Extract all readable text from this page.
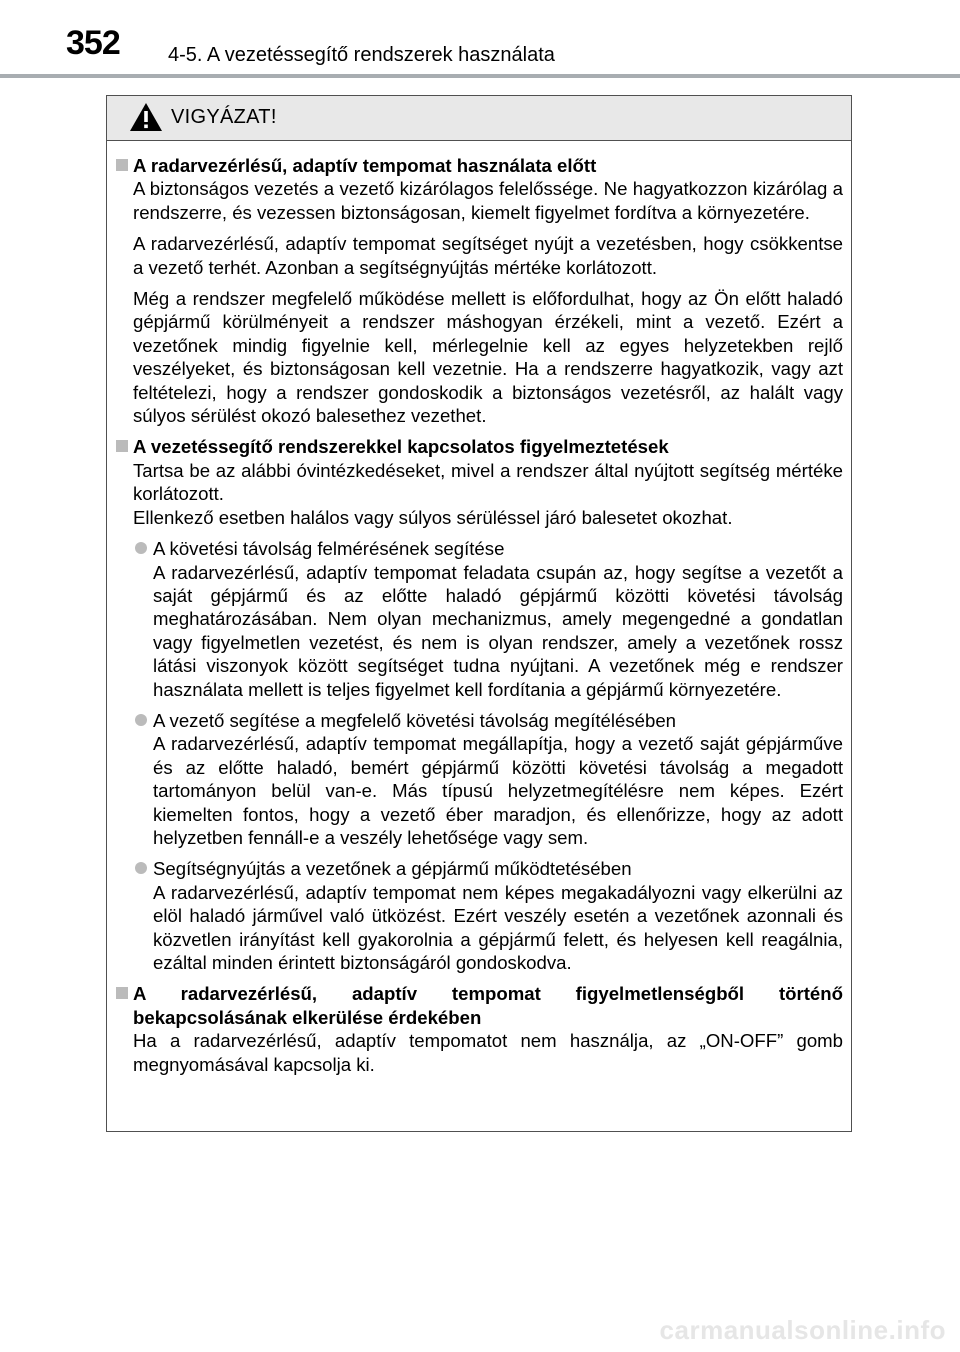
352 4-5. A vezetéssegítő rendszerek használata
VIGYÁZAT!
A radarvezérlésű, adaptív tempomat használata előtt

A biztonságos vezetés a vezető kizárólagos felelőssége. Ne hagyatkozzon kizárólag a rendszerre, és vezessen biztonságosan, kiemelt figyelmet fordítva a környezetére.

A radarvezérlésű, adaptív tempomat segítséget nyújt a vezetésben, hogy csökkentse a vezető terhét. Azonban a segítségnyújtás mértéke korlátozott.

Még a rendszer megfelelő működése mellett is előfordulhat, hogy az Ön előtt haladó gépjármű körülményeit a rendszer máshogyan érzékeli, mint a vezető. Ezért a vezetőnek mindig figyelnie kell, mérlegelnie kell az egyes helyzetekben rejlő veszélyeket, és biztonságosan kell vezetnie. Ha a rendszerre hagyatkozik, vagy azt feltételezi, hogy a rendszer gondoskodik a biztonságos vezetésről, az halált vagy súlyos sérülést okozó balesethez vezethet.

A vezetéssegítő rendszerekkel kapcsolatos figyelmeztetések

Tartsa be az alábbi óvintézkedéseket, mivel a rendszer által nyújtott segítség mértéke korlátozott.

Ellenkező esetben halálos vagy súlyos sérüléssel járó balesetet okozhat.

A követési távolság felmérésének segítése
A radarvezérlésű, adaptív tempomat feladata csupán az, hogy segítse a vezetőt a saját gépjármű és az előtte haladó gépjármű közötti követési távolság meghatározásában. Nem olyan mechanizmus, amely megengedné a gondatlan vagy figyelmetlen vezetést, és nem is olyan rendszer, amely a vezetőnek rossz látási viszonyok között segítséget tudna nyújtani. A vezetőnek még e rendszer használata mellett is teljes figyelmet kell fordítania a gépjármű környezetére.
A vezető segítése a megfelelő követési távolság megítélésében
A radarvezérlésű, adaptív tempomat megállapítja, hogy a vezető saját gépjárműve és az előtte haladó, bemért gépjármű közötti követési távolság a megadott tartományon belül van-e. Más típusú helyzetmegítélésre nem képes. Ezért kiemelten fontos, hogy a vezető éber maradjon, és ellenőrizze, hogy az adott helyzetben fennáll-e a veszély lehetősége vagy sem.
Segítségnyújtás a vezetőnek a gépjármű működtetésében
A radarvezérlésű, adaptív tempomat nem képes megakadályozni vagy elkerülni az elöl haladó járművel való ütközést. Ezért veszély esetén a vezetőnek azonnali és közvetlen irányítást kell gyakorolnia a gépjármű felett, és helyesen kell reagálnia, ezáltal minden érintett biztonságáról gondoskodva.
A radarvezérlésű, adaptív tempomat figyelmetlenségből történő bekapcsolásának elkerülése érdekében

Ha a radarvezérlésű, adaptív tempomatot nem használja, az „ON-OFF” gomb megnyomásával kapcsolja ki.

carmanualsonline.info
